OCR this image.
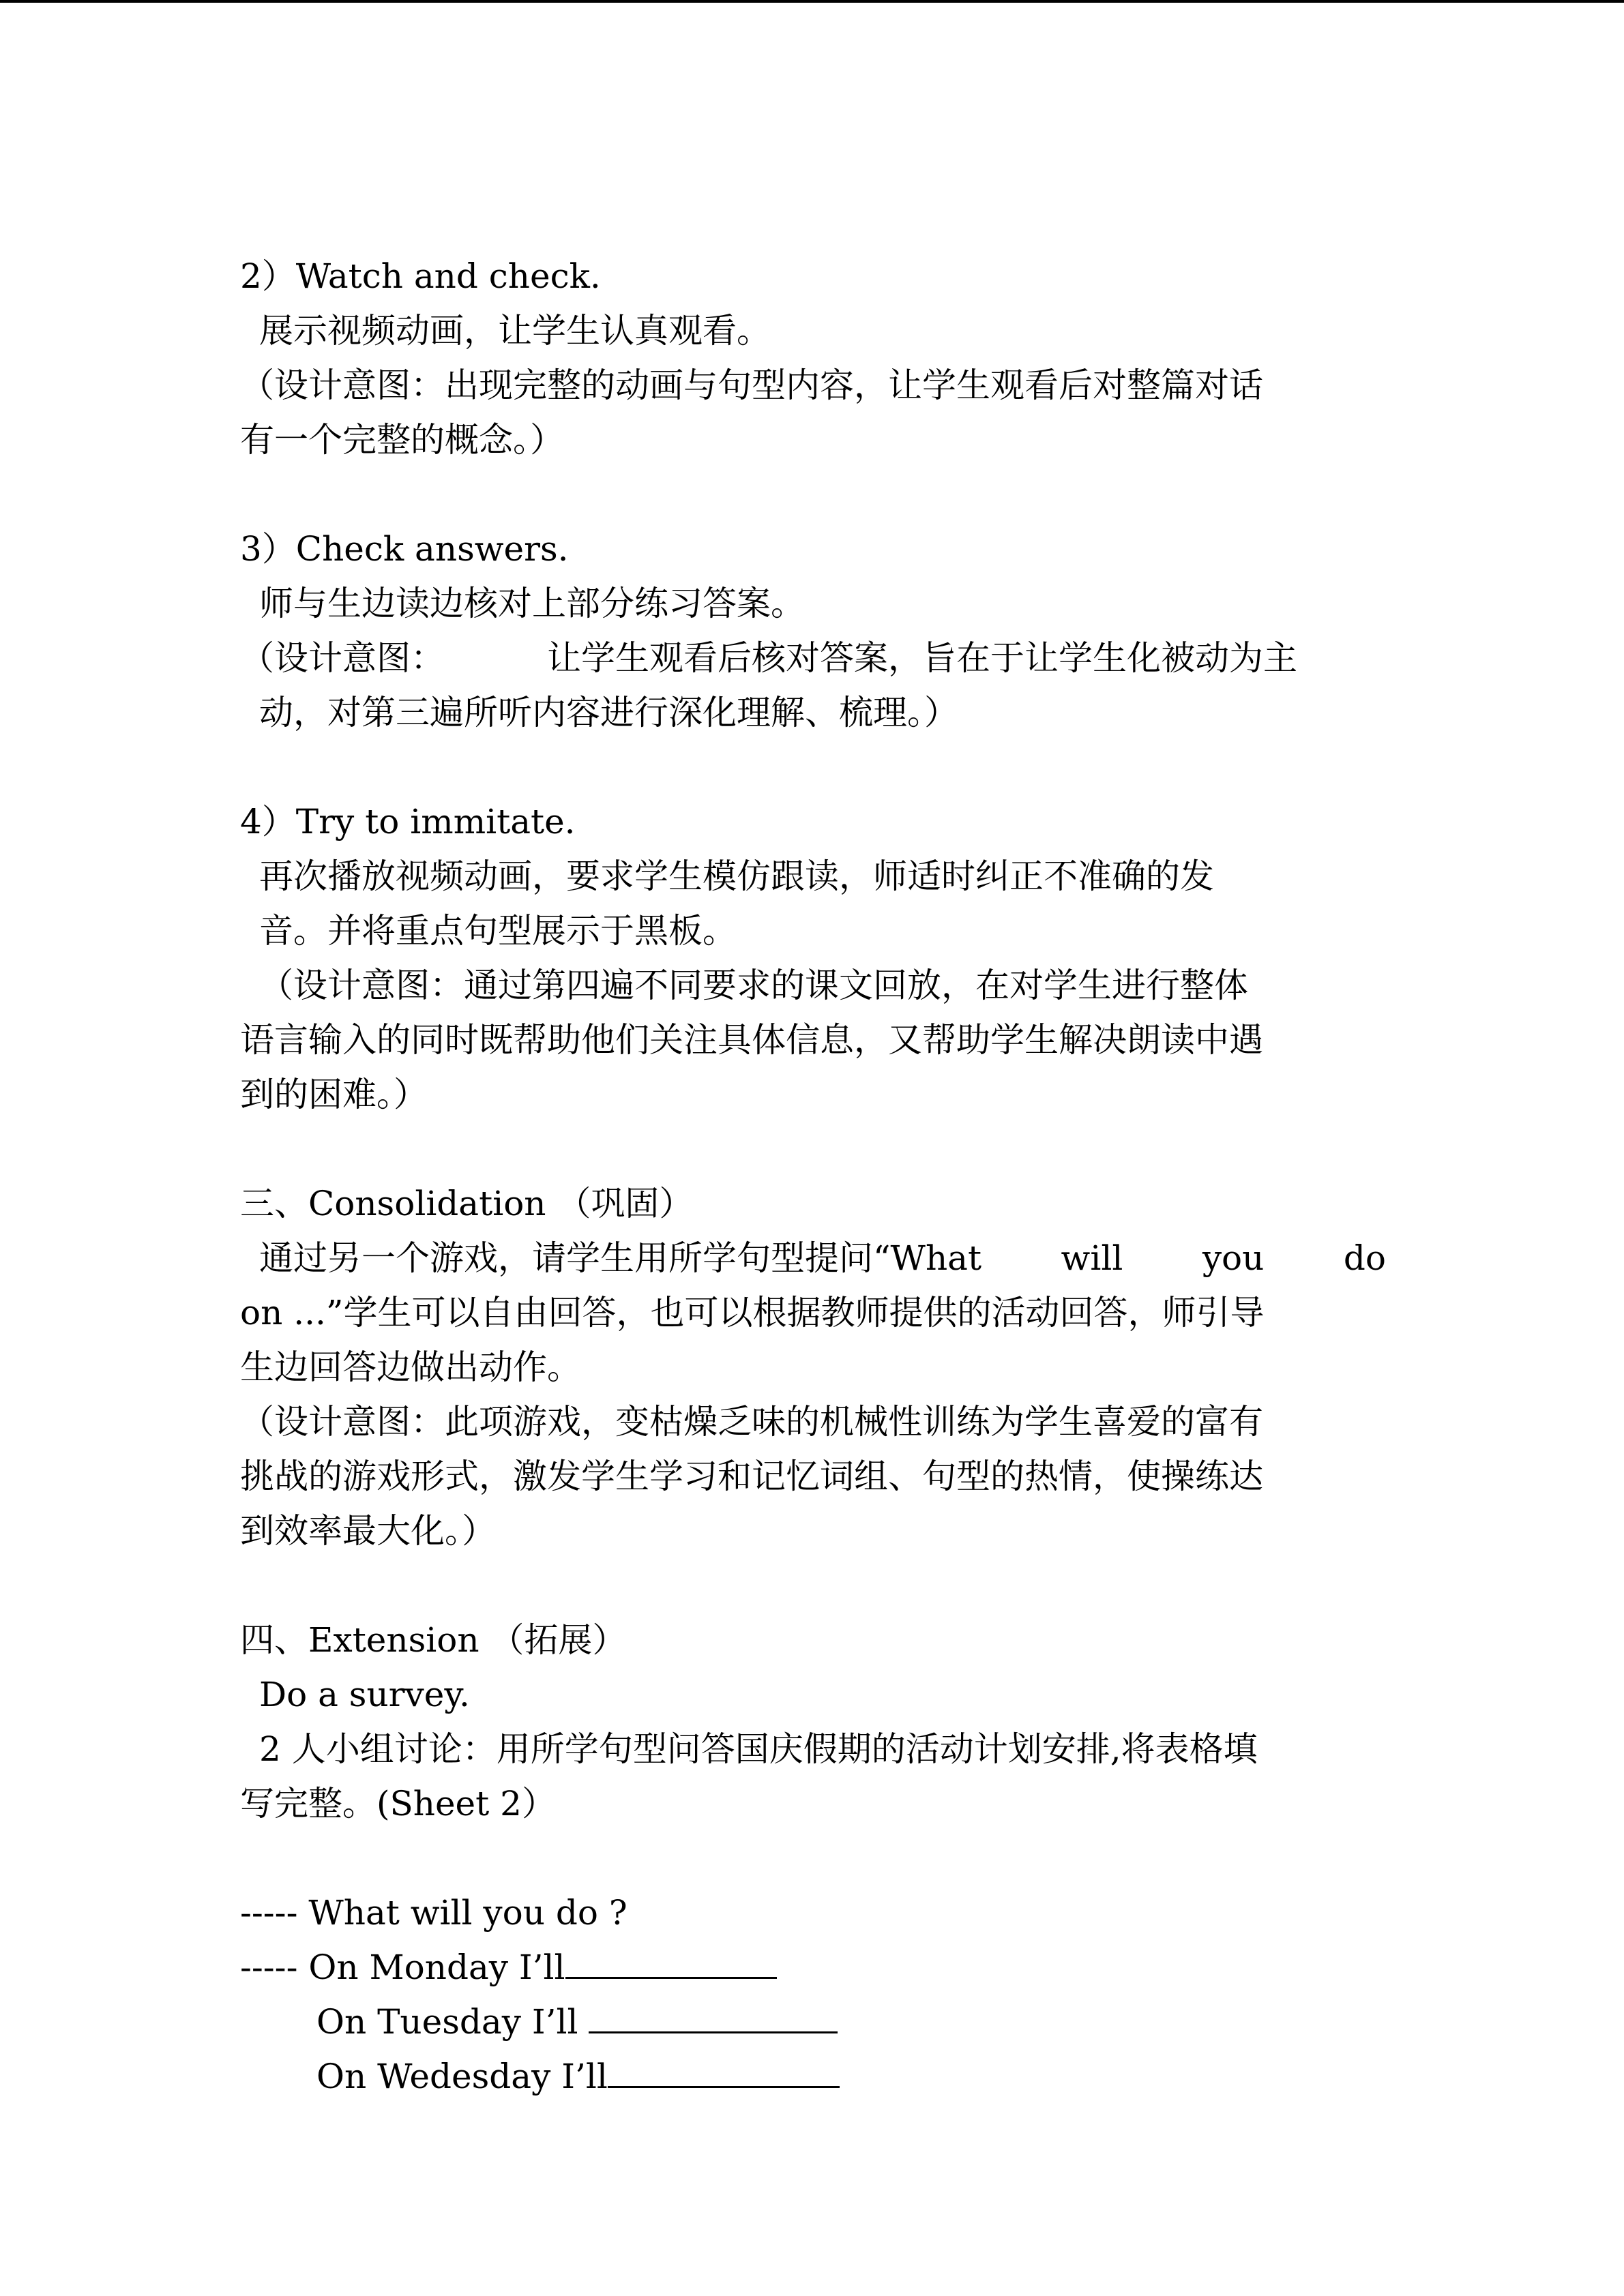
2）Watch and check.
展示视频动画，让学生认真观看。
（设计意图：出现完整的动画与句型内容，让学生观看后对整篇对话
有一个完整的概念。）
3）Check answers.
师与生边读边核对上部分练习答案。
（设计意图：	让学生观看后核对答案，旨在于让学生化被动为主
动，对第三遍所听内容进行深化理解、梳理。）
4）Try to immitate.
再次播放视频动画，要求学生模仿跟读，师适时纠正不准确的发
音。并将重点句型展示于黑板。
（设计意图：通过第四遍不同要求的课文回放，在对学生进行整体
语言输入的同时既帮助他们关注具体信息，又帮助学生解决朗读中遇
到的困难。）
三、Consolidation （巩固）
通过另一个游戏，请学生用所学句型提问“What will you do
on ...”学生可以自由回答，也可以根据教师提供的活动回答，师引导
生边回答边做出动作。
（设计意图：此项游戏，变枯燥乏味的机械性训练为学生喜爱的富有
挑战的游戏形式，激发学生学习和记忆词组、句型的热情，使操练达
到效率最大化。）
四、Extension （拓展）
Do a survey.
2 人小组讨论：用所学句型问答国庆假期的活动计划安排,将表格填
写完整。(Sheet 2）
----- What will you do ?
----- On Monday I’ll
On Tuesday I’ll
On Wedesday I’ll
